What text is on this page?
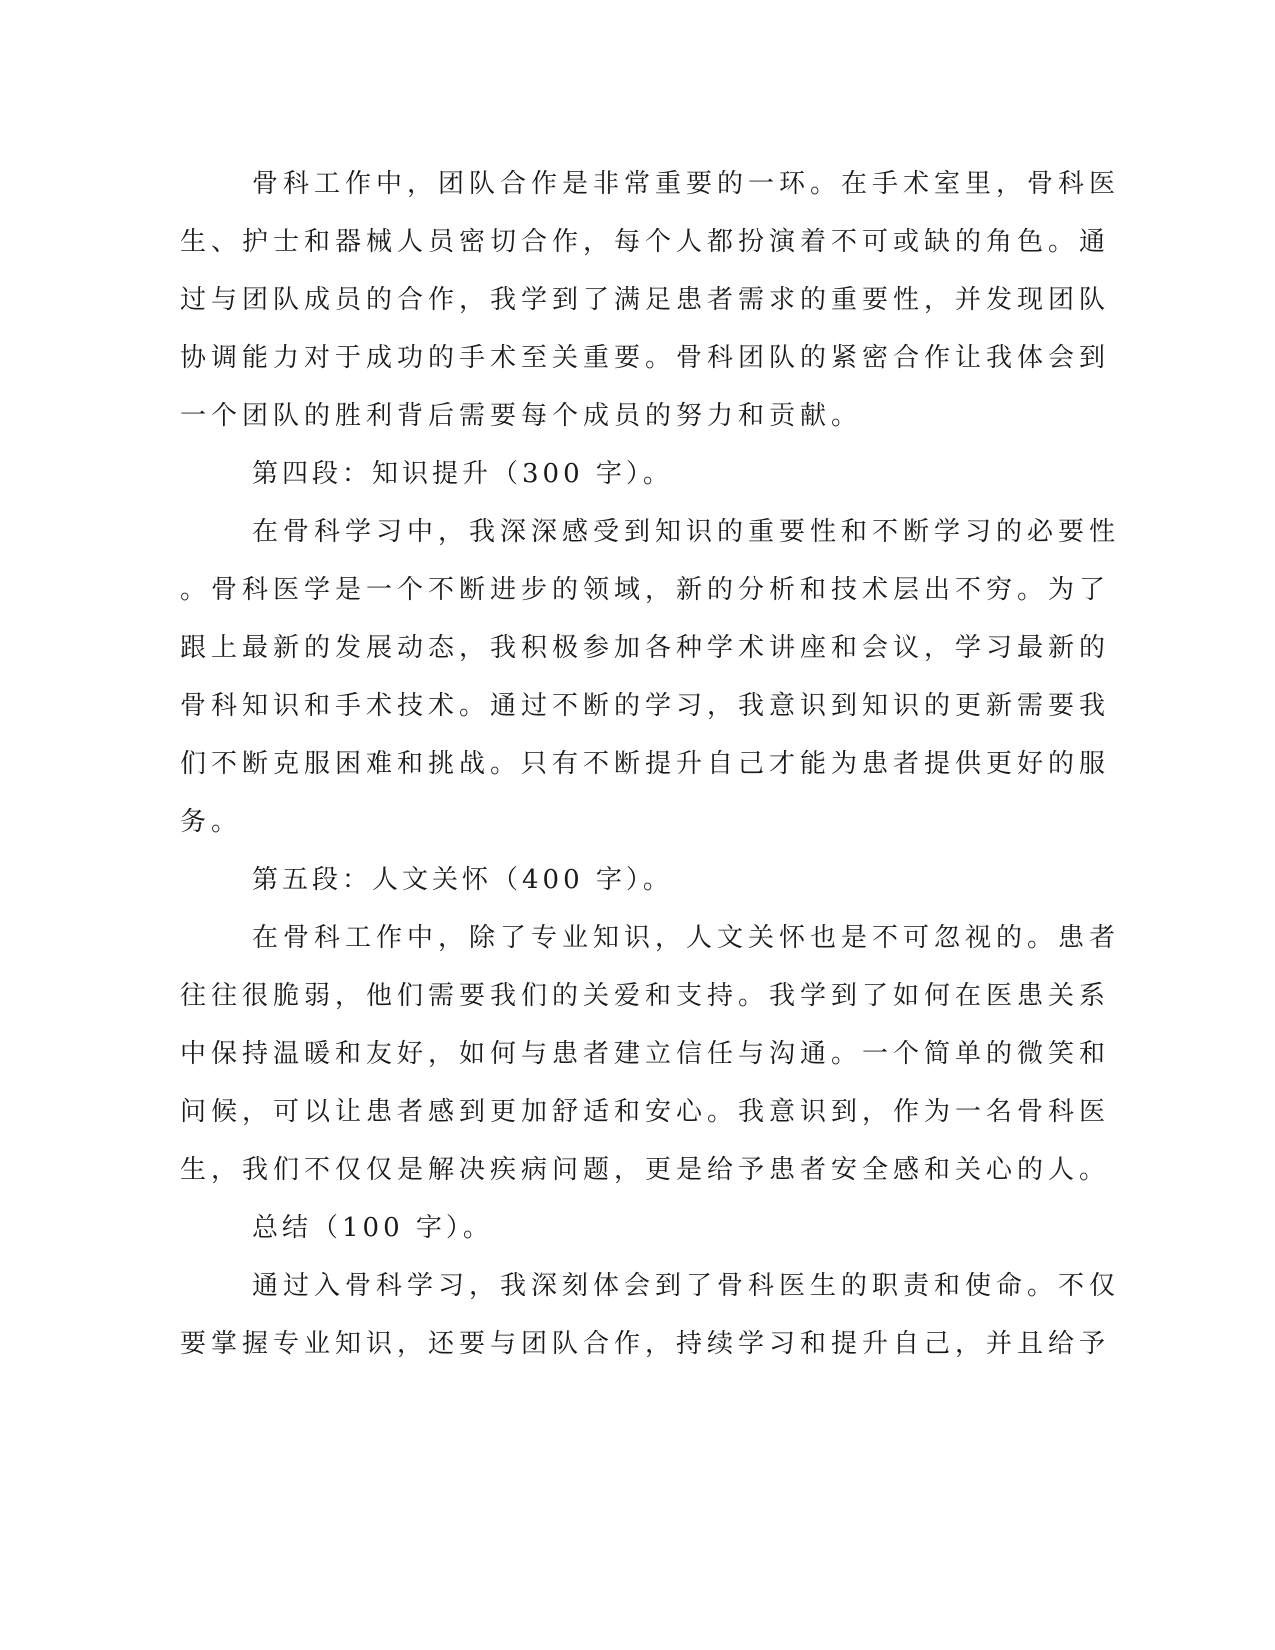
骨科工作中，团队合作是非常重要的一环。在手术室里，骨科医
生、护士和器械人员密切合作，每个人都扮演着不可或缺的角色。通
过与团队成员的合作，我学到了满足患者需求的重要性，并发现团队
协调能力对于成功的手术至关重要。骨科团队的紧密合作让我体会到
一个团队的胜利背后需要每个成员的努力和贡献。
第四段：知识提升（300 字）。
在骨科学习中，我深深感受到知识的重要性和不断学习的必要性
。骨科医学是一个不断进步的领域，新的分析和技术层出不穷。为了
跟上最新的发展动态，我积极参加各种学术讲座和会议，学习最新的
骨科知识和手术技术。通过不断的学习，我意识到知识的更新需要我
们不断克服困难和挑战。只有不断提升自己才能为患者提供更好的服
务。
第五段：人文关怀（400 字）。
在骨科工作中，除了专业知识，人文关怀也是不可忽视的。患者
往往很脆弱，他们需要我们的关爱和支持。我学到了如何在医患关系
中保持温暖和友好，如何与患者建立信任与沟通。一个简单的微笑和
问候，可以让患者感到更加舒适和安心。我意识到，作为一名骨科医
生，我们不仅仅是解决疾病问题，更是给予患者安全感和关心的人。
总结（100 字）。
通过入骨科学习，我深刻体会到了骨科医生的职责和使命。不仅
要掌握专业知识，还要与团队合作，持续学习和提升自己，并且给予
